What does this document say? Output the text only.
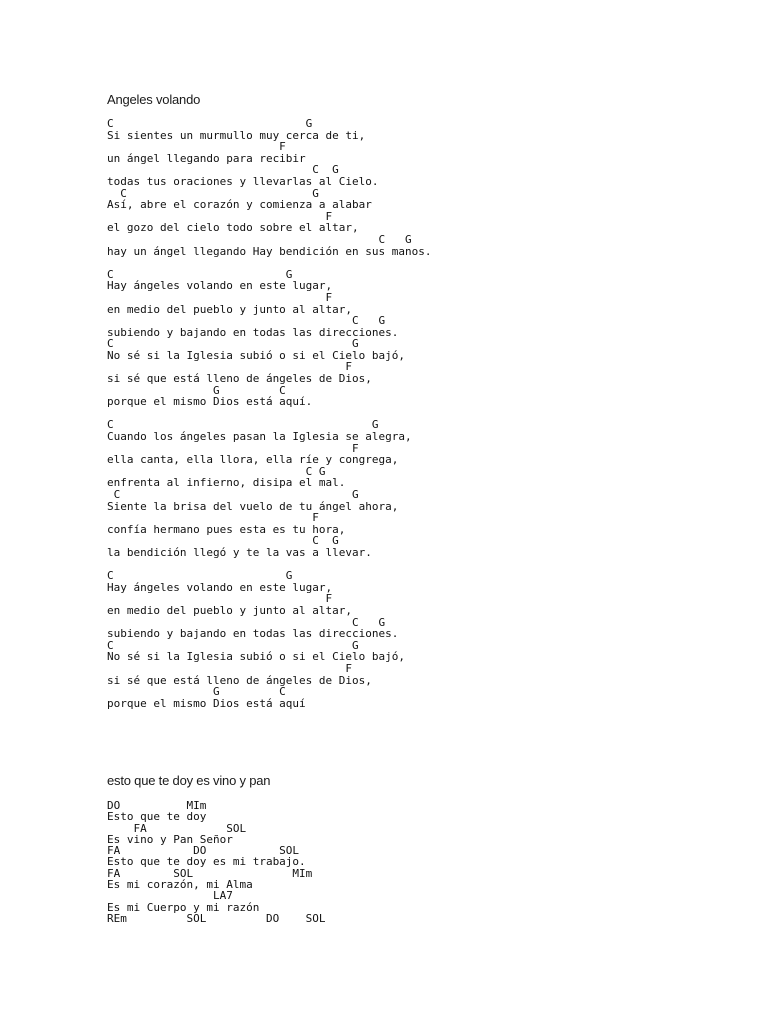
Angeles volando
C                             G
Si sientes un murmullo muy cerca de ti,
F
un ángel llegando para recibir
C  G
todas tus oraciones y llevarlas al Cielo.
C                            G
Así, abre el corazón y comienza a alabar
F
el gozo del cielo todo sobre el altar,
C   G
hay un ángel llegando Hay bendición en sus manos.
C                          G
Hay ángeles volando en este lugar,
F
en medio del pueblo y junto al altar,
C   G
subiendo y bajando en todas las direcciones.
C                                    G
No sé si la Iglesia subió o si el Cielo bajó,
F
si sé que está lleno de ángeles de Dios,
G         C
porque el mismo Dios está aquí.
C                                       G
Cuando los ángeles pasan la Iglesia se alegra,
F
ella canta, ella llora, ella ríe y congrega,
C G
enfrenta al infierno, disipa el mal.
C                                   G
Siente la brisa del vuelo de tu ángel ahora,
F
confía hermano pues esta es tu hora,
C  G
la bendición llegó y te la vas a llevar.
C                          G
Hay ángeles volando en este lugar,
F
en medio del pueblo y junto al altar,
C   G
subiendo y bajando en todas las direcciones.
C                                    G
No sé si la Iglesia subió o si el Cielo bajó,
F
si sé que está lleno de ángeles de Dios,
G         C
porque el mismo Dios está aquí
esto que te doy es vino y pan
DO          MIm
Esto que te doy
FA            SOL
Es vino y Pan Señor
FA           DO           SOL
Esto que te doy es mi trabajo.
FA        SOL               MIm
Es mi corazón, mi Alma
LA7
Es mi Cuerpo y mi razón
REm         SOL         DO    SOL
